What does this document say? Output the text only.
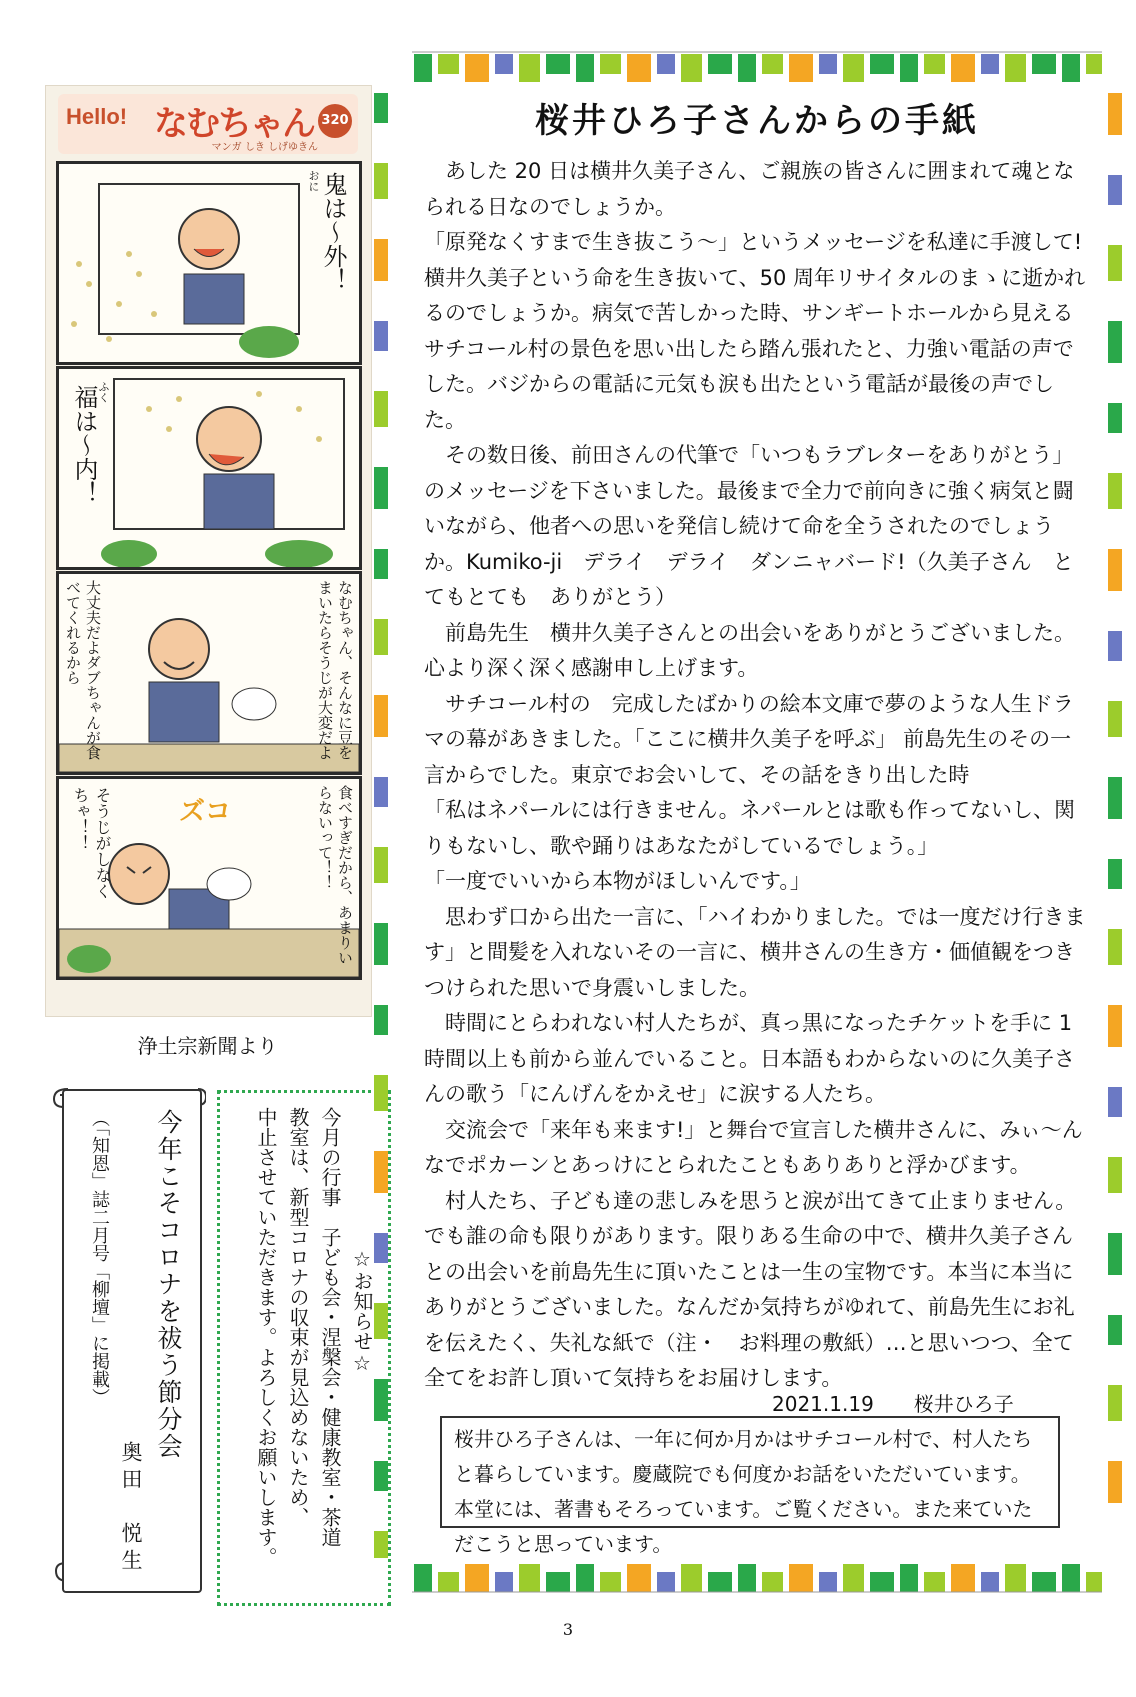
Hello! なむちゃん 320
マンガ しき しげゆきん
鬼は〜外！
おに
福は〜内！ ふく
大丈夫だよダブちゃんが食べてくれるから	なむちゃん、そんなに豆をまいたらそうじが大変だよ
ズコ
そうじがしなくちゃ！！	食べすぎだから、あまりいらないって！！
浄土宗新聞より
今年こそコロナを祓う節分会
奥田　悦生
（「知恩」誌二月号「柳壇」に掲載）	☆お知らせ☆
今月の行事　子ども会・涅槃会・健康教室・茶道
教室は、新型コロナの収束が見込めないため、
中止させていただきます。よろしくお願いします。
桜井ひろ子さんからの手紙

　あした 20 日は横井久美子さん、ご親族の皆さんに囲まれて魂となられる日なのでしょうか。

「原発なくすまで生き抜こう〜」というメッセージを私達に手渡して!横井久美子という命を生き抜いて、50 周年リサイタルのまゝに逝かれるのでしょうか。病気で苦しかった時、サンギートホールから見えるサチコール村の景色を思い出したら踏ん張れたと、力強い電話の声でした。バジからの電話に元気も涙も出たという電話が最後の声でした。

　その数日後、前田さんの代筆で「いつもラブレターをありがとう」のメッセージを下さいました。最後まで全力で前向きに強く病気と闘いながら、他者への思いを発信し続けて命を全うされたのでしょうか。Kumiko-ji　デライ　デライ　ダンニャバード!（久美子さん　とてもとても　ありがとう）

　前島先生　横井久美子さんとの出会いをありがとうございました。心より深く深く感謝申し上げます。

　サチコール村の　完成したばかりの絵本文庫で夢のような人生ドラマの幕があきました。「ここに横井久美子を呼ぶ」 前島先生のその一言からでした。東京でお会いして、その話をきり出した時

「私はネパールには行きません。ネパールとは歌も作ってないし、関りもないし、歌や踊りはあなたがしているでしょう。」

「一度でいいから本物がほしいんです。」

　思わず口から出た一言に、「ハイわかりました。では一度だけ行きます」と間髪を入れないその一言に、横井さんの生き方・価値観をつきつけられた思いで身震いしました。

　時間にとらわれない村人たちが、真っ黒になったチケットを手に 1 時間以上も前から並んでいること。日本語もわからないのに久美子さんの歌う「にんげんをかえせ」に涙する人たち。

　交流会で「来年も来ます!」と舞台で宣言した横井さんに、みぃ〜んなでポカーンとあっけにとられたこともありありと浮かびます。

　村人たち、子ども達の悲しみを思うと涙が出てきて止まりません。でも誰の命も限りがあります。限りある生命の中で、横井久美子さんとの出会いを前島先生に頂いたことは一生の宝物です。本当に本当にありがとうございました。なんだか気持ちがゆれて、前島先生にお礼を伝えたく、失礼な紙で（注・　お料理の敷紙）…と思いつつ、全て全てをお許し頂いて気持ちをお届けします。

2021.1.19　　桜井ひろ子
桜井ひろ子さんは、一年に何か月かはサチコール村で、村人たちと暮らしています。慶蔵院でも何度かお話をいただいています。本堂には、著書もそろっています。ご覧ください。また来ていただこうと思っています。
3
